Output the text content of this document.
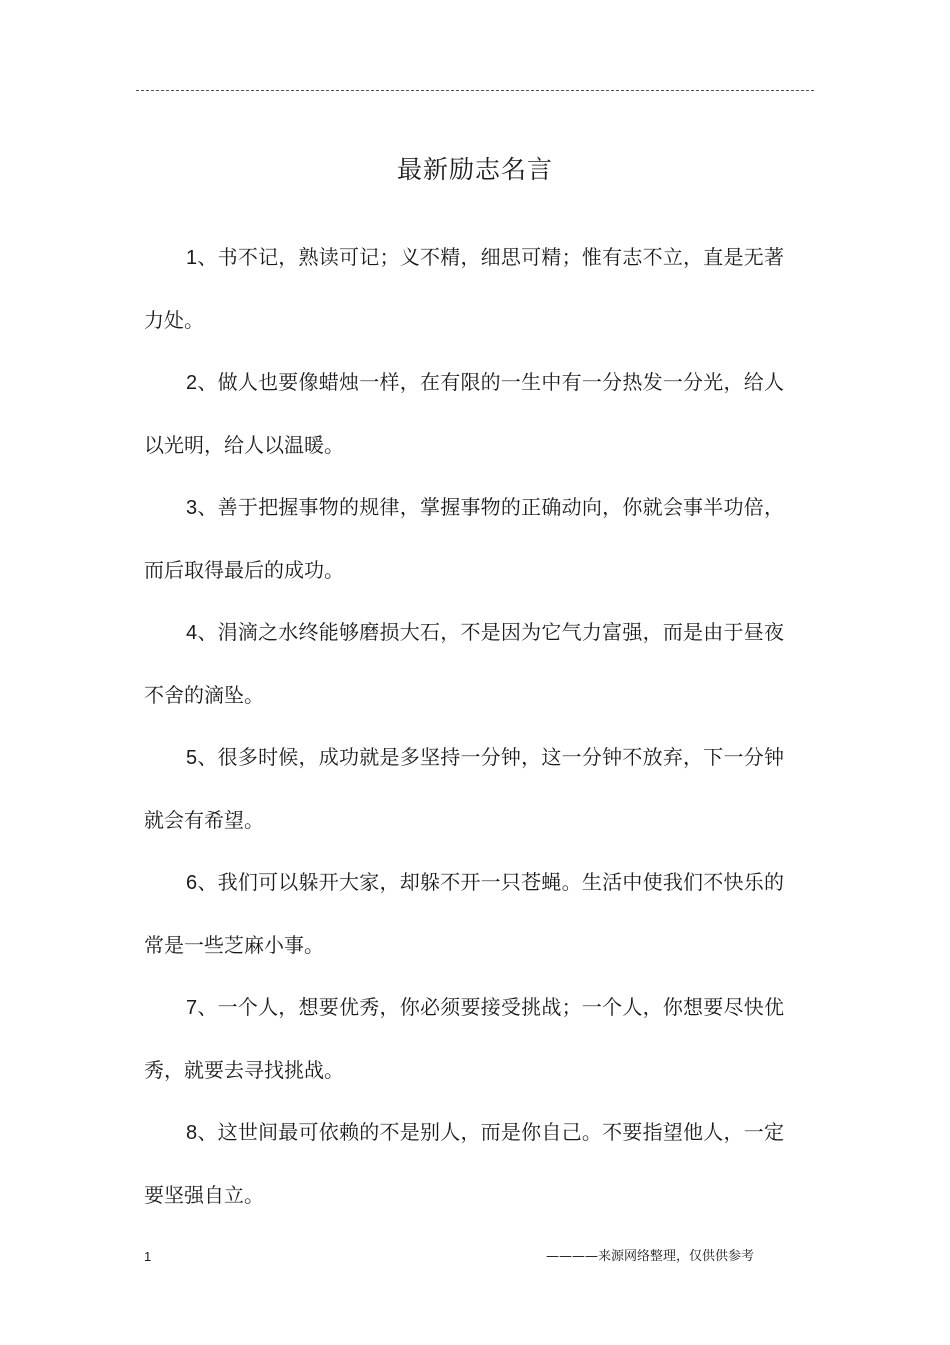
最新励志名言

1、书不记，熟读可记；义不精，细思可精；惟有志不立，直是无著力处。

2、做人也要像蜡烛一样，在有限的一生中有一分热发一分光，给人以光明，给人以温暖。

3、善于把握事物的规律，掌握事物的正确动向，你就会事半功倍，而后取得最后的成功。

4、涓滴之水终能够磨损大石，不是因为它气力富强，而是由于昼夜不舍的滴坠。

5、很多时候，成功就是多坚持一分钟，这一分钟不放弃，下一分钟就会有希望。

6、我们可以躲开大家，却躲不开一只苍蝇。生活中使我们不快乐的常是一些芝麻小事。

7、一个人，想要优秀，你必须要接受挑战；一个人，你想要尽快优秀，就要去寻找挑战。

8、这世间最可依赖的不是别人，而是你自己。不要指望他人，一定要坚强自立。

1	————来源网络整理，仅供供参考
